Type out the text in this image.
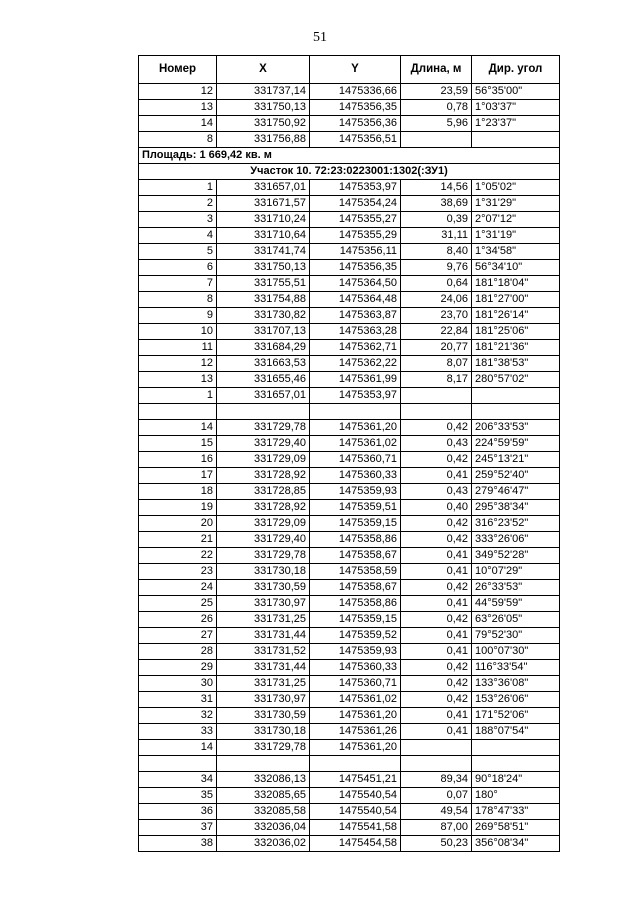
51
Номер	X	Y	Длина, м	Дир. угол
12	331737,14	1475336,66	23,59	56°35'00"
13	331750,13	1475356,35	0,78	1°03'37"
14	331750,92	1475356,36	5,96	1°23'37"
8	331756,88	1475356,51		
Площадь: 1 669,42 кв. м				
Участок 10. 72:23:0223001:1302(:ЗУ1)				
1	331657,01	1475353,97	14,56	1°05'02"
2	331671,57	1475354,24	38,69	1°31'29"
3	331710,24	1475355,27	0,39	2°07'12"
4	331710,64	1475355,29	31,11	1°31'19"
5	331741,74	1475356,11	8,40	1°34'58"
6	331750,13	1475356,35	9,76	56°34'10"
7	331755,51	1475364,50	0,64	181°18'04"
8	331754,88	1475364,48	24,06	181°27'00"
9	331730,82	1475363,87	23,70	181°26'14"
10	331707,13	1475363,28	22,84	181°25'06"
11	331684,29	1475362,71	20,77	181°21'36"
12	331663,53	1475362,22	8,07	181°38'53"
13	331655,46	1475361,99	8,17	280°57'02"
1	331657,01	1475353,97		

14	331729,78	1475361,20	0,42	206°33'53"
15	331729,40	1475361,02	0,43	224°59'59"
16	331729,09	1475360,71	0,42	245°13'21"
17	331728,92	1475360,33	0,41	259°52'40"
18	331728,85	1475359,93	0,43	279°46'47"
19	331728,92	1475359,51	0,40	295°38'34"
20	331729,09	1475359,15	0,42	316°23'52"
21	331729,40	1475358,86	0,42	333°26'06"
22	331729,78	1475358,67	0,41	349°52'28"
23	331730,18	1475358,59	0,41	10°07'29"
24	331730,59	1475358,67	0,42	26°33'53"
25	331730,97	1475358,86	0,41	44°59'59"
26	331731,25	1475359,15	0,42	63°26'05"
27	331731,44	1475359,52	0,41	79°52'30"
28	331731,52	1475359,93	0,41	100°07'30"
29	331731,44	1475360,33	0,42	116°33'54"
30	331731,25	1475360,71	0,42	133°36'08"
31	331730,97	1475361,02	0,42	153°26'06"
32	331730,59	1475361,20	0,41	171°52'06"
33	331730,18	1475361,26	0,41	188°07'54"
14	331729,78	1475361,20		

34	332086,13	1475451,21	89,34	90°18'24"
35	332085,65	1475540,54	0,07	180°
36	332085,58	1475540,54	49,54	178°47'33"
37	332036,04	1475541,58	87,00	269°58'51"
38	332036,02	1475454,58	50,23	356°08'34"
